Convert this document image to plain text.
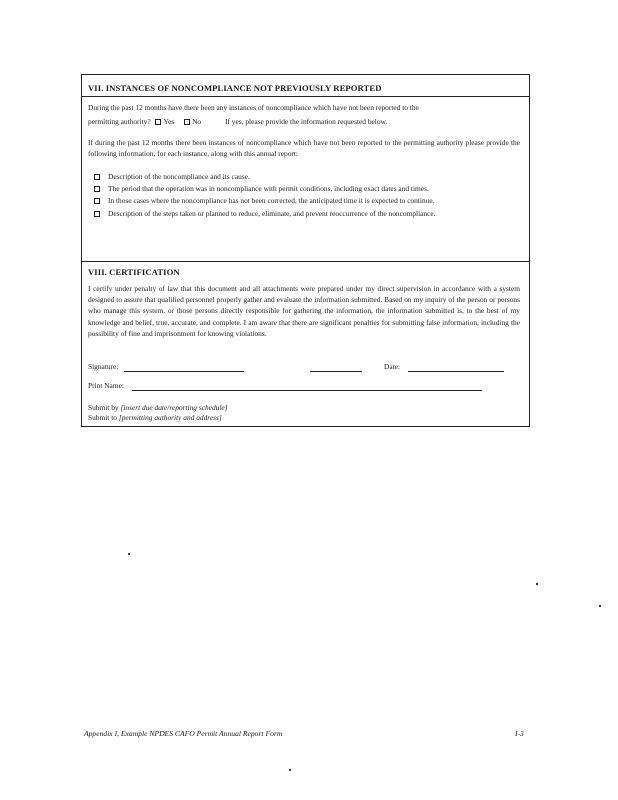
VII. INSTANCES OF NONCOMPLIANCE NOT PREVIOUSLY REPORTED
During the past 12 months have there been any instances of noncompliance which have not been reported to the
permitting authority? Yes No	If yes, please provide the information requested below.
If during the past 12 months there been instances of noncompliance which have not been reported to the permitting authority please provide the following information, for each instance, along with this annual report:
Description of the noncompliance and its cause.
The period that the operation was in noncompliance with permit conditions, including exact dates and times.
In those cases where the noncompliance has not been corrected, the anticipated time it is expected to continue.
Description of the steps taken or planned to reduce, eliminate, and prevent reoccurrence of the noncompliance.
VIII. CERTIFICATION
I certify under penalty of law that this document and all attachments were prepared under my direct supervision in accordance with a system designed to assure that qualified personnel properly gather and evaluate the information submitted. Based on my inquiry of the person or persons who manage this system, or those persons directly responsible for gathering the information, the information submitted is, to the best of my knowledge and belief, true, accurate, and complete. I am aware that there are significant penalties for submitting false information, including the possibility of fine and imprisonment for knowing violations.
Signature:	Date:
Print Name:
Submit by [insert due date/reporting schedule]
Submit to [permitting authority and address]
Appendix I, Example NPDES CAFO Permit Annual Report Form	I-3
